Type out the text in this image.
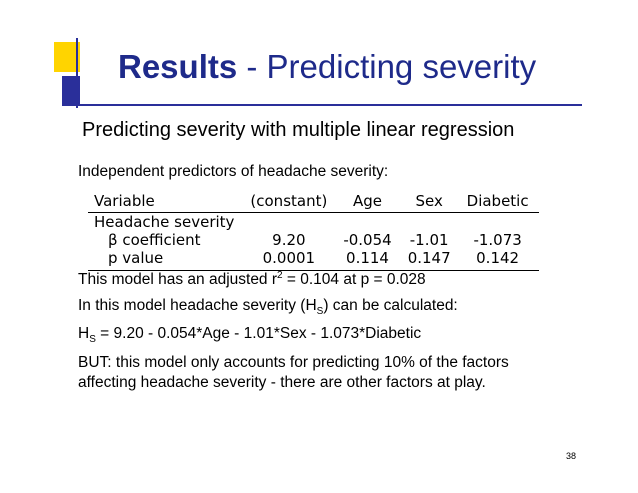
Results - Predicting severity
Predicting severity with multiple linear regression
Independent predictors of headache severity:
Variable	(constant)	Age	Sex	Diabetic
Headache severity				
β coefficient	9.20	-0.054	-1.01	-1.073
p value	0.0001	0.114	0.147	0.142
This model has an adjusted $r^2 = 0.104$ at p = 0.028
In this model headache severity $(H_S)$ can be calculated:
$H_S = 9.20 - 0.054*Age - 1.01*Sex$ - 1.073*Diabetic
BUT: this model only accounts for predicting 10% of the factors
affecting headache severity - there are other factors at play.
38
